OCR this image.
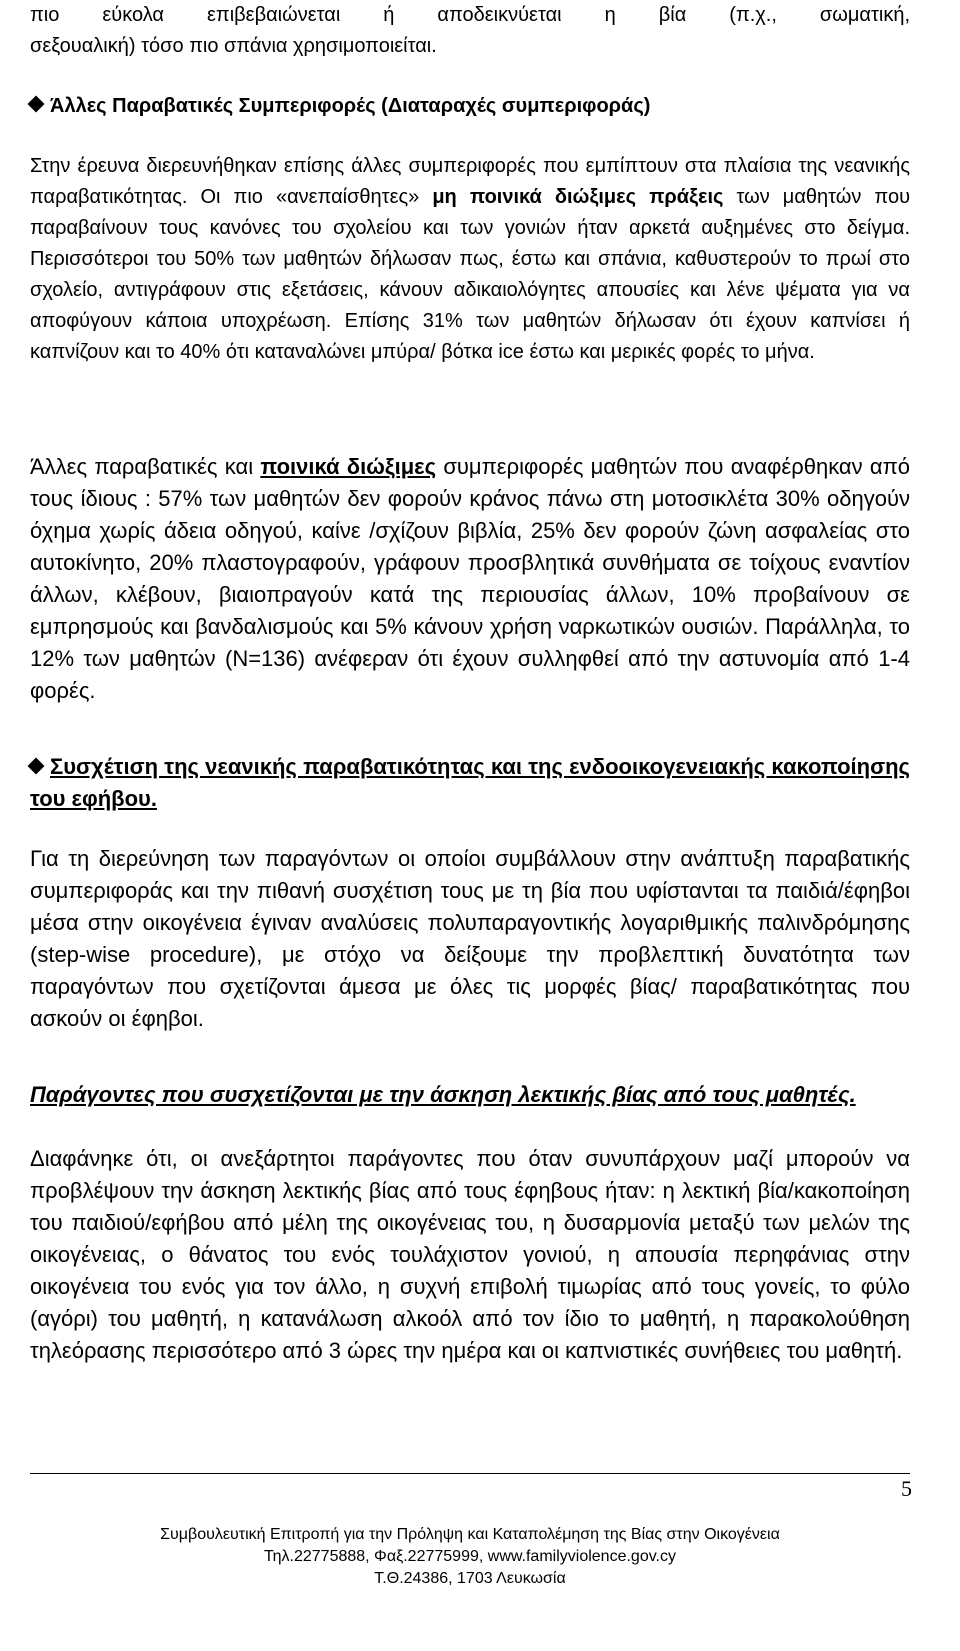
πιο εύκολα επιβεβαιώνεται ή αποδεικνύεται η βία (π.χ., σωματική,
σεξουαλική) τόσο πιο σπάνια χρησιμοποιείται.
Άλλες Παραβατικές Συμπεριφορές (Διαταραχές συμπεριφοράς)
Στην έρευνα διερευνήθηκαν επίσης άλλες συμπεριφορές που εμπίπτουν στα πλαίσια της νεανικής παραβατικότητας. Οι πιο «ανεπαίσθητες» μη ποινικά διώξιμες πράξεις των μαθητών που παραβαίνουν τους κανόνες του σχολείου και των γονιών ήταν αρκετά αυξημένες στο δείγμα. Περισσότεροι του 50% των μαθητών δήλωσαν πως, έστω και σπάνια, καθυστερούν το πρωί στο σχολείο, αντιγράφουν στις εξετάσεις, κάνουν αδικαιολόγητες απουσίες και λένε ψέματα για να αποφύγουν κάποια υποχρέωση. Επίσης 31% των μαθητών δήλωσαν ότι έχουν καπνίσει ή καπνίζουν και το 40% ότι καταναλώνει μπύρα/ βότκα ice έστω και μερικές φορές το μήνα.
Άλλες παραβατικές και ποινικά διώξιμες συμπεριφορές μαθητών που αναφέρθηκαν από τους ίδιους : 57% των μαθητών δεν φορούν κράνος πάνω στη μοτοσικλέτα 30% οδηγούν όχημα χωρίς άδεια οδηγού, καίνε /σχίζουν βιβλία, 25% δεν φορούν ζώνη ασφαλείας στο αυτοκίνητο, 20% πλαστογραφούν, γράφουν προσβλητικά συνθήματα σε τοίχους εναντίον άλλων, κλέβουν, βιαιοπραγούν κατά της περιουσίας άλλων, 10% προβαίνουν σε εμπρησμούς και βανδαλισμούς και 5% κάνουν χρήση ναρκωτικών ουσιών. Παράλληλα, το 12% των μαθητών (Ν=136) ανέφεραν ότι έχουν συλληφθεί από την αστυνομία από 1-4 φορές.
Συσχέτιση της νεανικής παραβατικότητας και της ενδοοικογενειακής κακοποίησης του εφήβου.
Για τη διερεύνηση των παραγόντων οι οποίοι συμβάλλουν στην ανάπτυξη παραβατικής συμπεριφοράς και την πιθανή συσχέτιση τους με τη βία που υφίστανται τα παιδιά/έφηβοι μέσα στην οικογένεια έγιναν αναλύσεις πολυπαραγοντικής λογαριθμικής παλινδρόμησης (step-wise procedure), με στόχο να δείξουμε την προβλεπτική δυνατότητα των παραγόντων που σχετίζονται άμεσα με όλες τις μορφές βίας/ παραβατικότητας που ασκούν οι έφηβοι.
Παράγοντες που συσχετίζονται με την άσκηση λεκτικής βίας από τους μαθητές.
Διαφάνηκε ότι, οι ανεξάρτητοι παράγοντες που όταν συνυπάρχουν μαζί μπορούν να προβλέψουν την άσκηση λεκτικής βίας από τους έφηβους ήταν: η λεκτική βία/κακοποίηση του παιδιού/εφήβου από μέλη της οικογένειας του, η δυσαρμονία μεταξύ των μελών της οικογένειας, ο θάνατος του ενός τουλάχιστον γονιού, η απουσία περηφάνιας στην οικογένεια του ενός για τον άλλο, η συχνή επιβολή τιμωρίας από τους γονείς, το φύλο (αγόρι) του μαθητή, η κατανάλωση αλκοόλ από τον ίδιο το μαθητή, η παρακολούθηση τηλεόρασης περισσότερο από 3 ώρες την ημέρα και οι καπνιστικές συνήθειες του μαθητή.
5
Συμβουλευτική Επιτροπή για την Πρόληψη και Καταπολέμηση της Βίας στην Οικογένεια
Τηλ.22775888, Φαξ.22775999, www.familyviolence.gov.cy
Τ.Θ.24386, 1703 Λευκωσία
